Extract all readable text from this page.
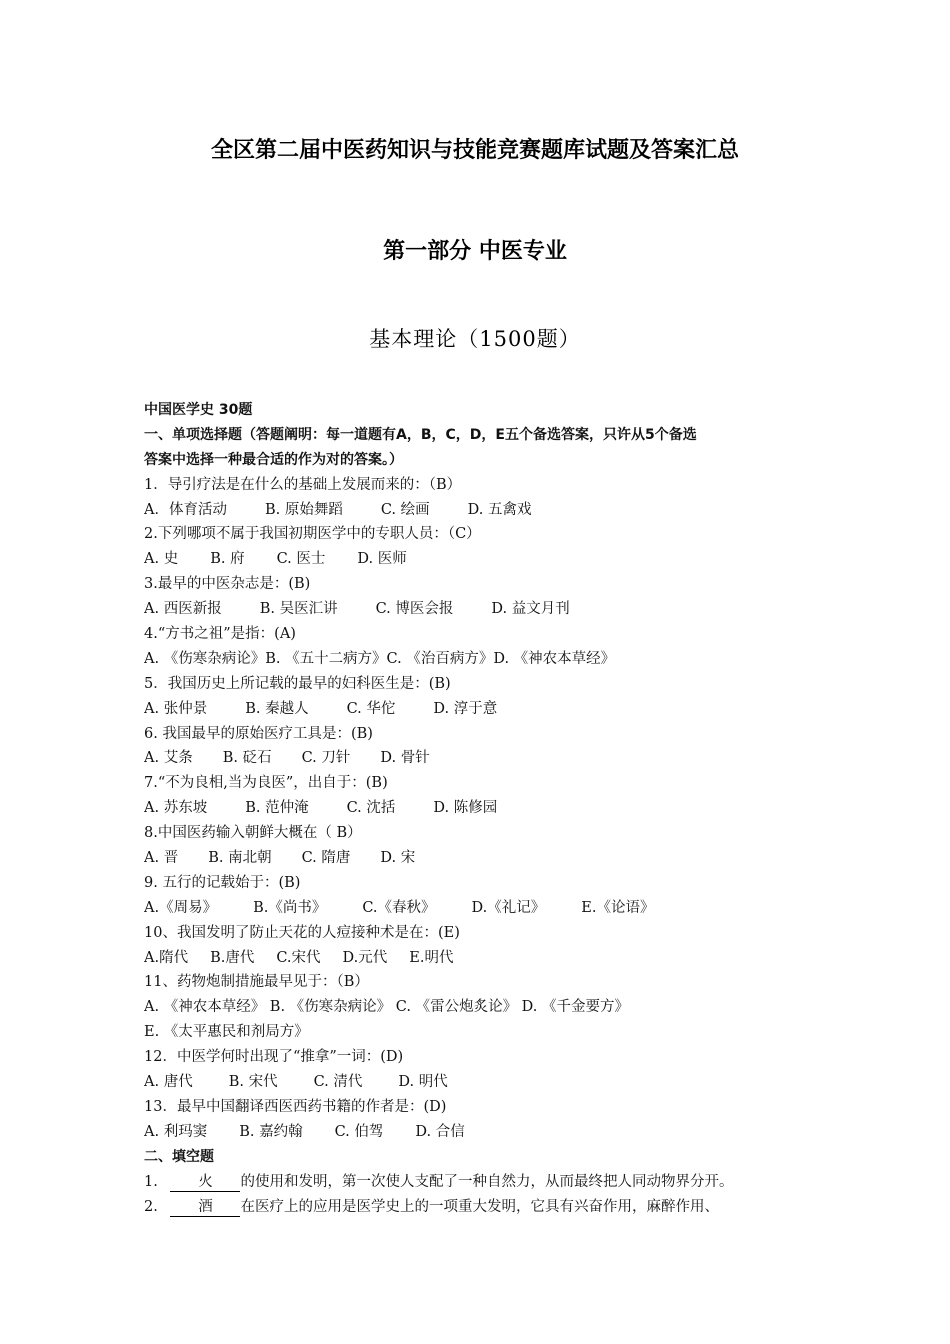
全区第二届中医药知识与技能竞赛题库试题及答案汇总
第一部分 中医专业
基本理论（1500题）
中国医学史 30题
一、单项选择题（答题阐明：每一道题有A，B，C，D，E五个备选答案，只许从5个备选
答案中选择一种最合适的作为对的答案。）
1．导引疗法是在什么的基础上发展而来的：（B）
A．体育活动	B. 原始舞蹈	C. 绘画	D. 五禽戏
2.下列哪项不属于我国初期医学中的专职人员：（C）
A. 史 B. 府 C. 医士 D. 医师
3.最早的中医杂志是：(B)
A. 西医新报	B. 吴医汇讲	C. 博医会报	D. 益文月刊
4.“方书之祖”是指：(A)
A. 《伤寒杂病论》B. 《五十二病方》C. 《治百病方》D. 《神农本草经》
5．我国历史上所记载的最早的妇科医生是：(B)
A. 张仲景	B. 秦越人	C. 华佗	D. 淳于意
6. 我国最早的原始医疗工具是：(B)
A. 艾条 B. 砭石 C. 刀针 D. 骨针
7.“不为良相,当为良医”，出自于：(B)
A. 苏东坡	B. 范仲淹	C. 沈括	D. 陈修园
8.中国医药输入朝鲜大概在（ B）
A. 晋 B. 南北朝 C. 隋唐 D. 宋
9. 五行的记载始于：(B)
A.《周易》 B.《尚书》 C.《春秋》 D.《礼记》 E.《论语》
10、我国发明了防止天花的人痘接种术是在：(E)
A.隋代 B.唐代 C.宋代 D.元代 E.明代
11、药物炮制措施最早见于：（B）
A. 《神农本草经》 B. 《伤寒杂病论》 C. 《雷公炮炙论》 D. 《千金要方》
E. 《太平惠民和剂局方》
12．中医学何时出现了“推拿”一词：(D)
A. 唐代 B. 宋代 C. 清代 D. 明代
13．最早中国翻译西医西药书籍的作者是：(D)
A. 利玛窦 B. 嘉约翰 C. 伯驾 D. 合信
二、填空题
1.	火 的使用和发明，第一次使人支配了一种自然力，从而最终把人同动物界分开。
2.	酒 在医疗上的应用是医学史上的一项重大发明，它具有兴奋作用，麻醉作用、
